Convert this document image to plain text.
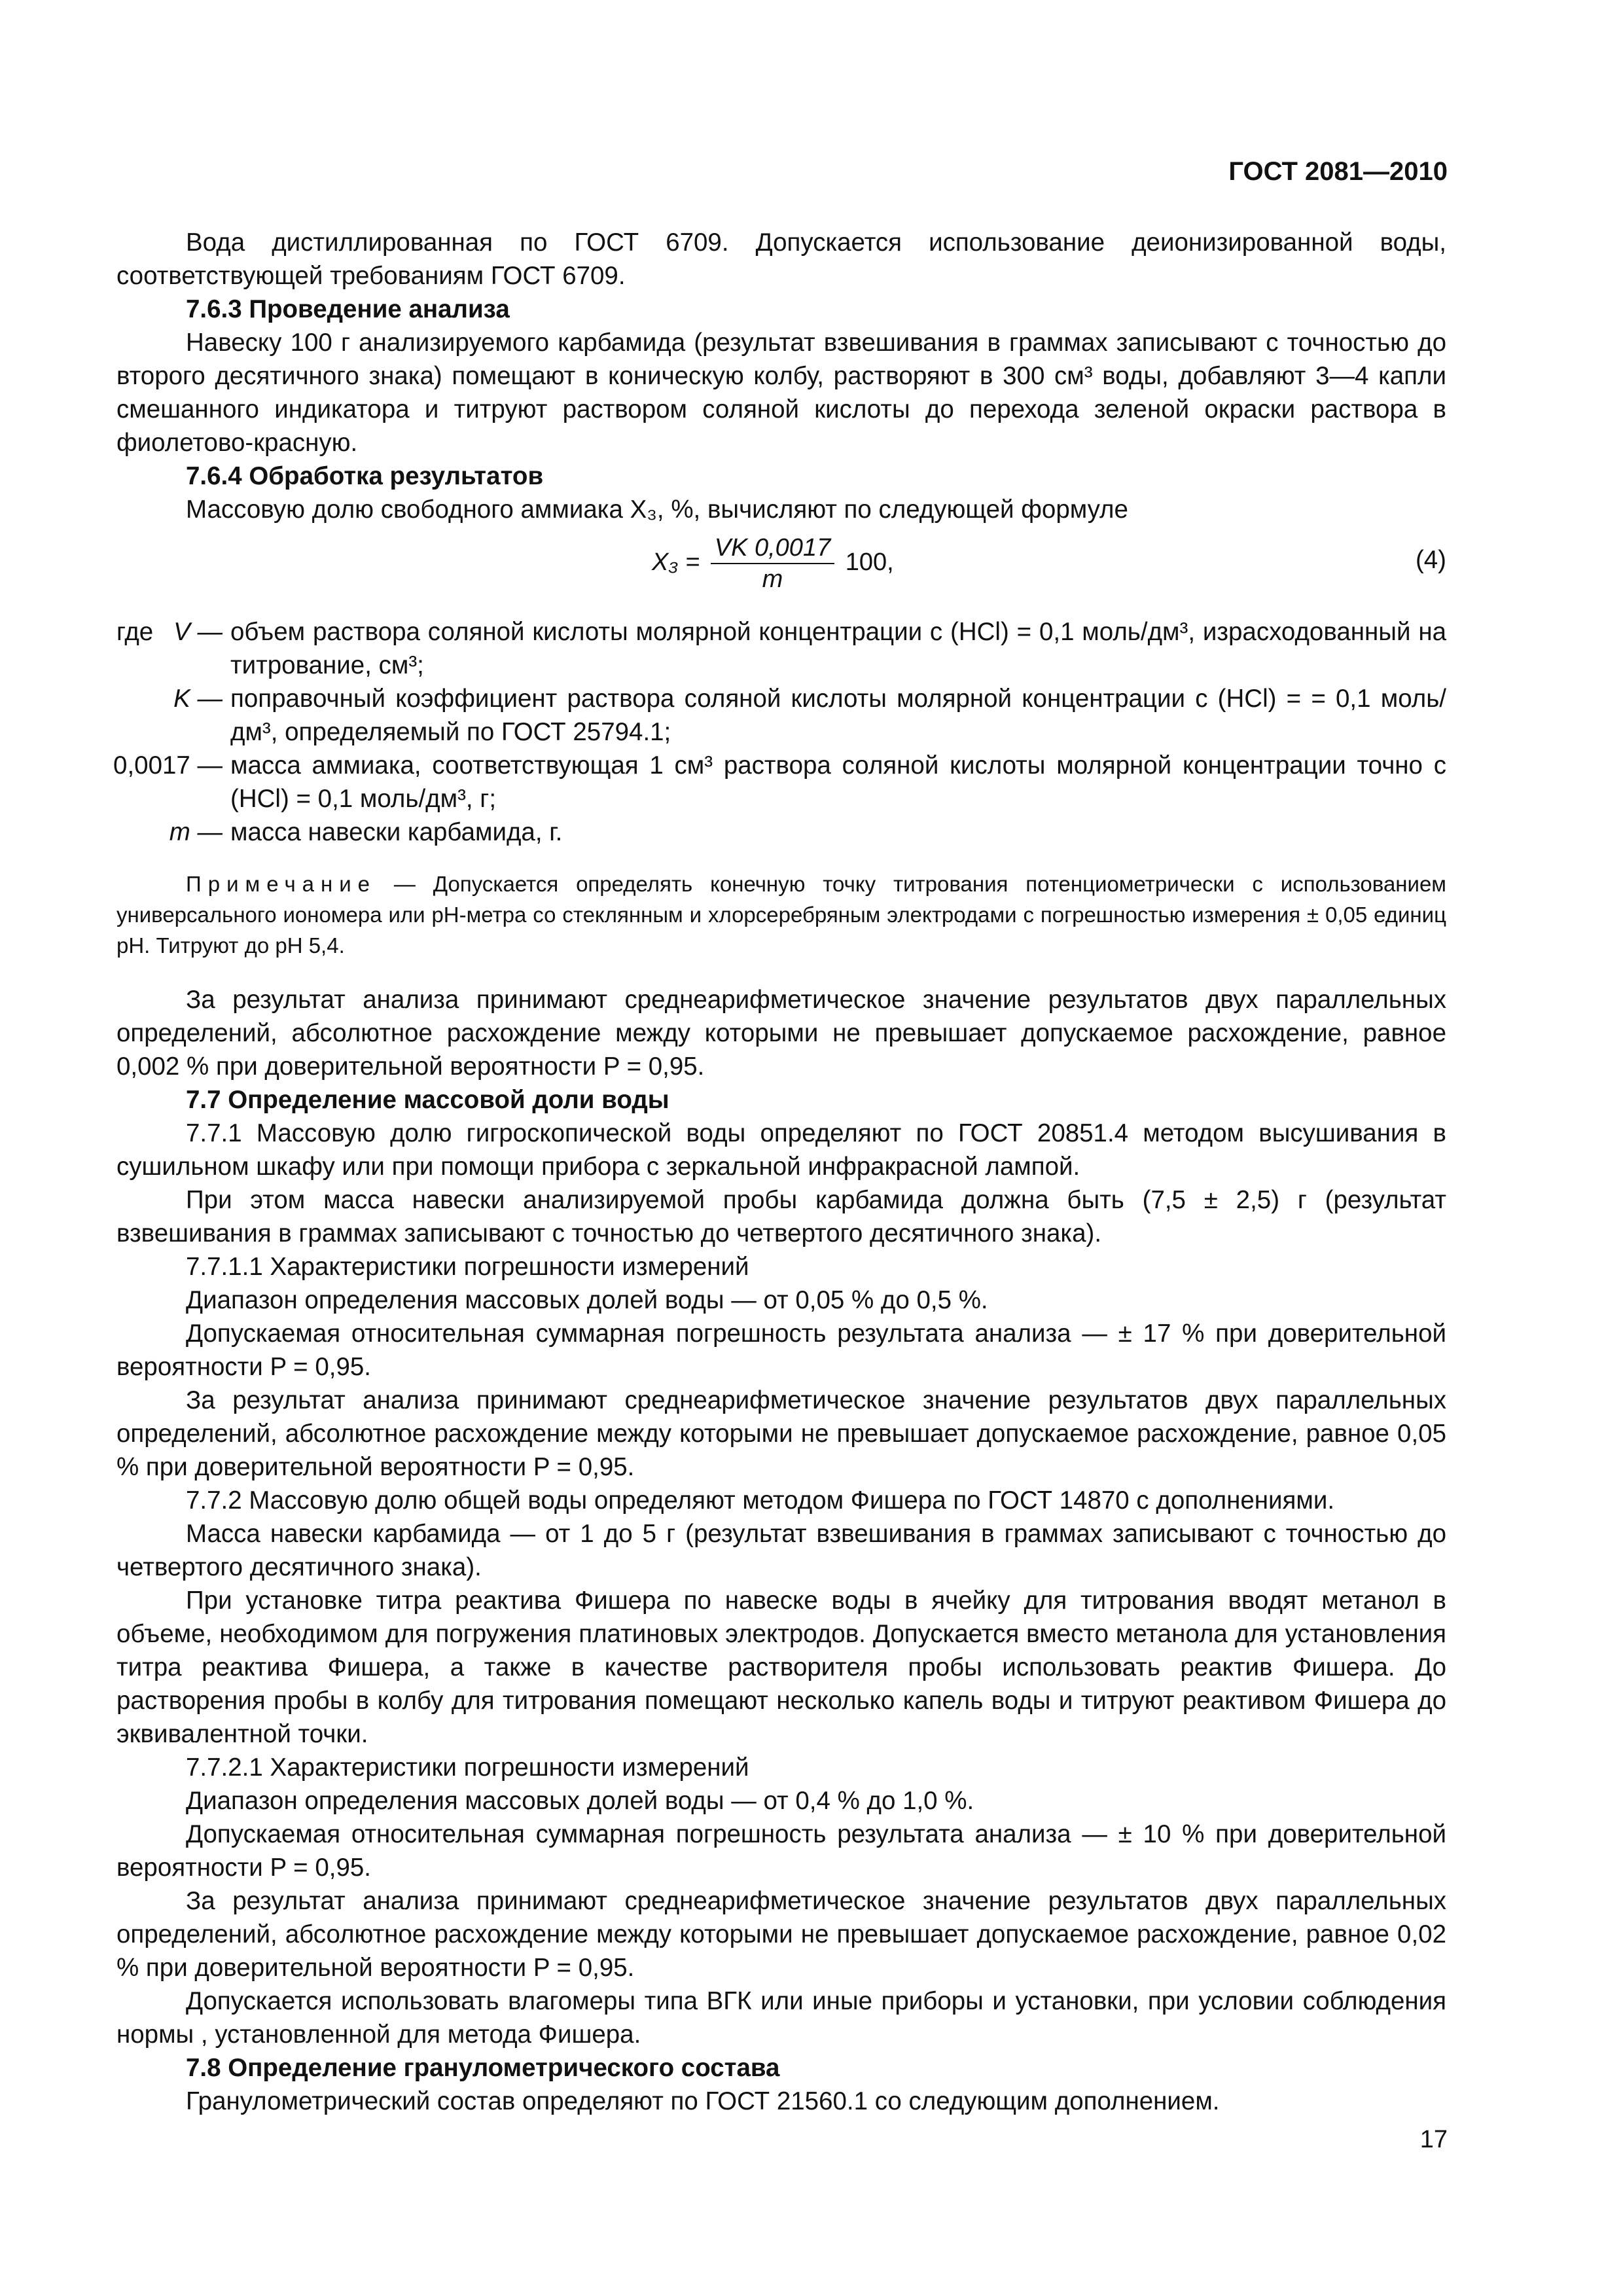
ГОСТ 2081—2010

Вода дистиллированная по ГОСТ 6709. Допускается использование деионизированной воды, соответствующей требованиям ГОСТ 6709.

7.6.3 Проведение анализа

Навеску 100 г анализируемого карбамида (результат взвешивания в граммах записывают с точностью до второго десятичного знака) помещают в коническую колбу, растворяют в 300 см³ воды, добавляют 3—4 капли смешанного индикатора и титруют раствором соляной кислоты до перехода зеленой окраски раствора в фиолетово-красную.

7.6.4 Обработка результатов

Массовую долю свободного аммиака X₃, %, вычисляют по следующей формуле

$X_3 = \frac{VK 0,0017}{m} 100$,	(4)
где V — объем раствора соляной кислоты молярной концентрации c (HCl) = 0,1 моль/дм³, израсходованный на титрование, см³;
K — поправочный коэффициент раствора соляной кислоты молярной концентрации c (HCl) = = 0,1 моль/дм³, определяемый по ГОСТ 25794.1;
0,0017 — масса аммиака, соответствующая 1 см³ раствора соляной кислоты молярной концентрации точно c (HCl) = 0,1 моль/дм³, г;
m — масса навески карбамида, г.

Примечание — Допускается определять конечную точку титрования потенциометрически с использованием универсального иономера или pH-метра со стеклянным и хлорсеребряным электродами с погрешностью измерения ± 0,05 единиц pH. Титруют до pH 5,4.

За результат анализа принимают среднеарифметическое значение результатов двух параллельных определений, абсолютное расхождение между которыми не превышает допускаемое расхождение, равное 0,002 % при доверительной вероятности P = 0,95.

7.7 Определение массовой доли воды

7.7.1 Массовую долю гигроскопической воды определяют по ГОСТ 20851.4 методом высушивания в сушильном шкафу или при помощи прибора с зеркальной инфракрасной лампой.

При этом масса навески анализируемой пробы карбамида должна быть (7,5 ± 2,5) г (результат взвешивания в граммах записывают с точностью до четвертого десятичного знака).

7.7.1.1 Характеристики погрешности измерений

Диапазон определения массовых долей воды — от 0,05 % до 0,5 %.

Допускаемая относительная суммарная погрешность результата анализа — ± 17 % при доверительной вероятности P = 0,95.

За результат анализа принимают среднеарифметическое значение результатов двух параллельных определений, абсолютное расхождение между которыми не превышает допускаемое расхождение, равное 0,05 % при доверительной вероятности P = 0,95.

7.7.2 Массовую долю общей воды определяют методом Фишера по ГОСТ 14870 с дополнениями.

Масса навески карбамида — от 1 до 5 г (результат взвешивания в граммах записывают с точностью до четвертого десятичного знака).

При установке титра реактива Фишера по навеске воды в ячейку для титрования вводят метанол в объеме, необходимом для погружения платиновых электродов. Допускается вместо метанола для установления титра реактива Фишера, а также в качестве растворителя пробы использовать реактив Фишера. До растворения пробы в колбу для титрования помещают несколько капель воды и титруют реактивом Фишера до эквивалентной точки.

7.7.2.1 Характеристики погрешности измерений

Диапазон определения массовых долей воды — от 0,4 % до 1,0 %.

Допускаемая относительная суммарная погрешность результата анализа — ± 10 % при доверительной вероятности P = 0,95.

За результат анализа принимают среднеарифметическое значение результатов двух параллельных определений, абсолютное расхождение между которыми не превышает допускаемое расхождение, равное 0,02 % при доверительной вероятности P = 0,95.

Допускается использовать влагомеры типа ВГК или иные приборы и установки, при условии соблюдения нормы , установленной для метода Фишера.

7.8 Определение гранулометрического состава

Гранулометрический состав определяют по ГОСТ 21560.1 со следующим дополнением.

17
